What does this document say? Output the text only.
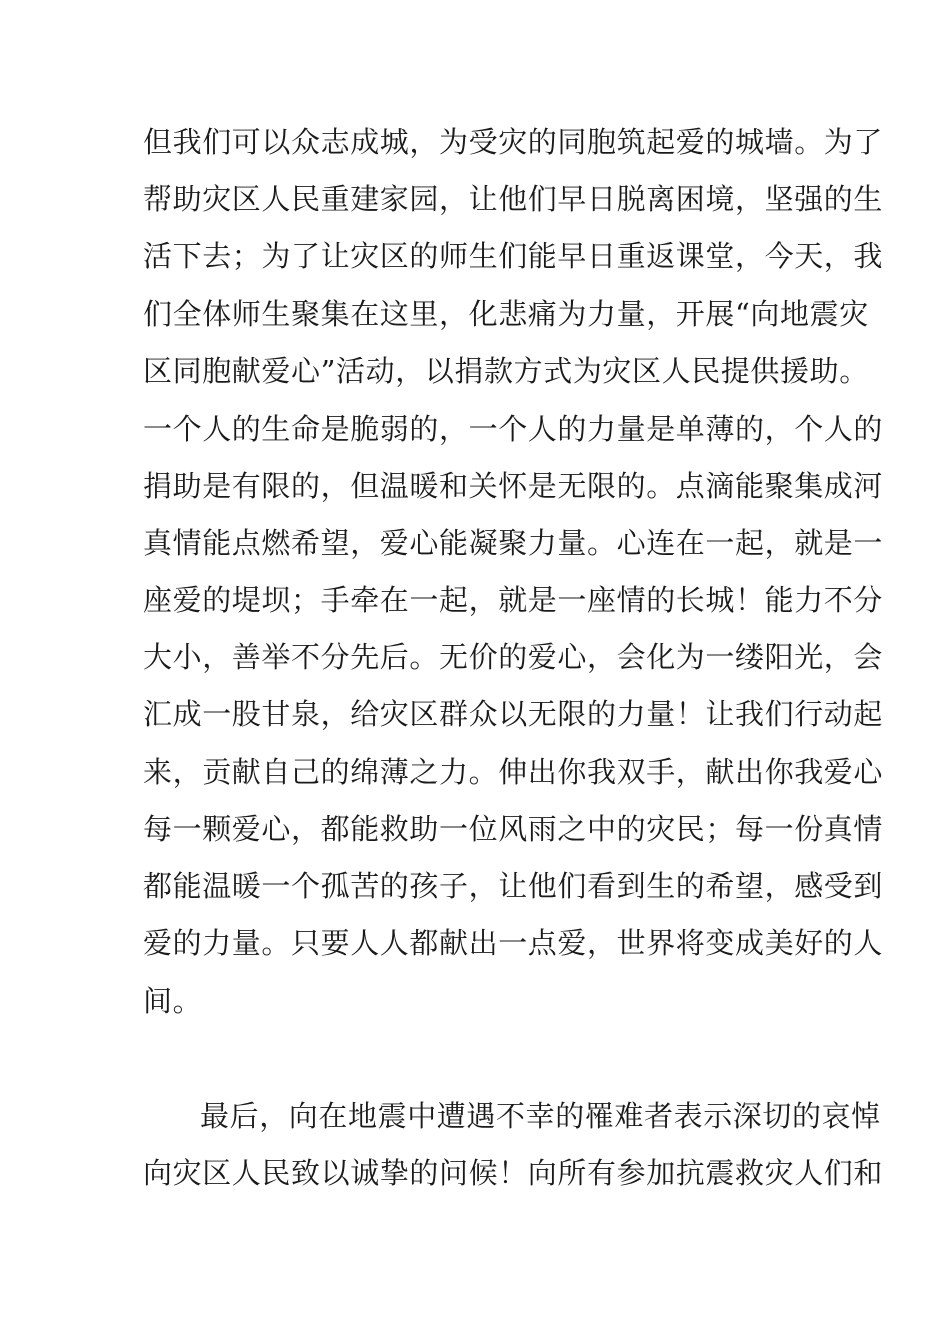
但我们可以众志成城，为受灾的同胞筑起爱的城墙。为了
帮助灾区人民重建家园，让他们早日脱离困境，坚强的生
活下去；为了让灾区的师生们能早日重返课堂，今天，我
们全体师生聚集在这里，化悲痛为力量，开展“向地震灾
区同胞献爱心”活动，以捐款方式为灾区人民提供援助。
一个人的生命是脆弱的，一个人的力量是单薄的，个人的
捐助是有限的，但温暖和关怀是无限的。点滴能聚集成河
真情能点燃希望，爱心能凝聚力量。心连在一起，就是一
座爱的堤坝；手牵在一起，就是一座情的长城！能力不分
大小，善举不分先后。无价的爱心，会化为一缕阳光，会
汇成一股甘泉，给灾区群众以无限的力量！让我们行动起
来，贡献自己的绵薄之力。伸出你我双手，献出你我爱心
每一颗爱心，都能救助一位风雨之中的灾民；每一份真情
都能温暖一个孤苦的孩子，让他们看到生的希望，感受到
爱的力量。只要人人都献出一点爱，世界将变成美好的人
间。
最后，向在地震中遭遇不幸的罹难者表示深切的哀悼
向灾区人民致以诚挚的问候！向所有参加抗震救灾人们和
